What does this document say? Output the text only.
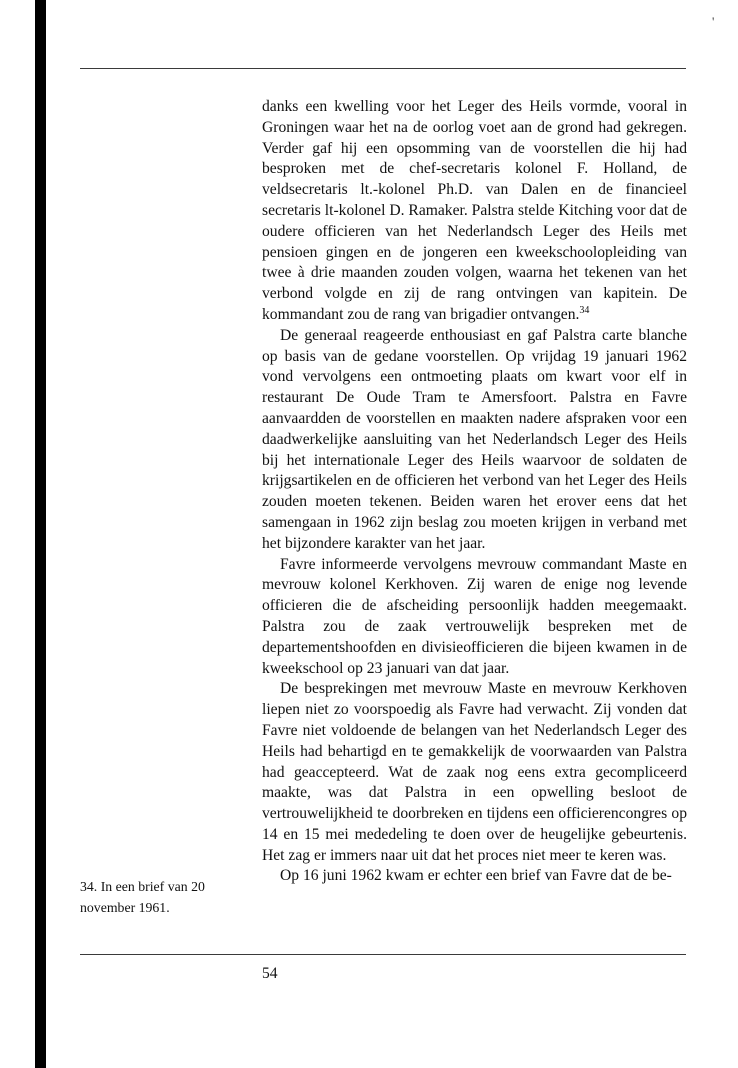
'

danks een kwelling voor het Leger des Heils vormde, vooral in Groningen waar het na de oorlog voet aan de grond had gekregen. Verder gaf hij een opsomming van de voorstellen die hij had besproken met de chef-secretaris kolonel F. Holland, de veldsecretaris lt.-kolonel Ph.D. van Dalen en de financieel secretaris lt-kolonel D. Ramaker. Palstra stelde Kitching voor dat de oudere officieren van het Nederlandsch Leger des Heils met pensioen gingen en de jongeren een kweekschoolopleiding van twee à drie maanden zouden volgen, waarna het tekenen van het verbond volgde en zij de rang ontvingen van kapitein. De kommandant zou de rang van brigadier ontvangen.$^{34}$

De generaal reageerde enthousiast en gaf Palstra carte blanche op basis van de gedane voorstellen. Op vrijdag 19 januari 1962 vond vervolgens een ontmoeting plaats om kwart voor elf in restaurant De Oude Tram te Amersfoort. Palstra en Favre aanvaardden de voorstellen en maakten nadere afspraken voor een daadwerkelijke aansluiting van het Nederlandsch Leger des Heils bij het internationale Leger des Heils waarvoor de soldaten de krijgsartikelen en de officieren het verbond van het Leger des Heils zouden moeten tekenen. Beiden waren het erover eens dat het samengaan in 1962 zijn beslag zou moeten krijgen in verband met het bijzondere karakter van het jaar.

Favre informeerde vervolgens mevrouw commandant Maste en mevrouw kolonel Kerkhoven. Zij waren de enige nog levende officieren die de afscheiding persoonlijk hadden meegemaakt. Palstra zou de zaak vertrouwelijk bespreken met de departementshoofden en divisieofficieren die bijeen kwamen in de kweekschool op 23 januari van dat jaar.

De besprekingen met mevrouw Maste en mevrouw Kerkhoven liepen niet zo voorspoedig als Favre had verwacht. Zij vonden dat Favre niet voldoende de belangen van het Nederlandsch Leger des Heils had behartigd en te gemakkelijk de voorwaarden van Palstra had geaccepteerd. Wat de zaak nog eens extra gecompliceerd maakte, was dat Palstra in een opwelling besloot de vertrouwelijkheid te doorbreken en tijdens een officierencongres op 14 en 15 mei mededeling te doen over de heugelijke gebeurtenis. Het zag er immers naar uit dat het proces niet meer te keren was.

Op 16 juni 1962 kwam er echter een brief van Favre dat de be-

34. In een brief van 20
november 1961.
54
